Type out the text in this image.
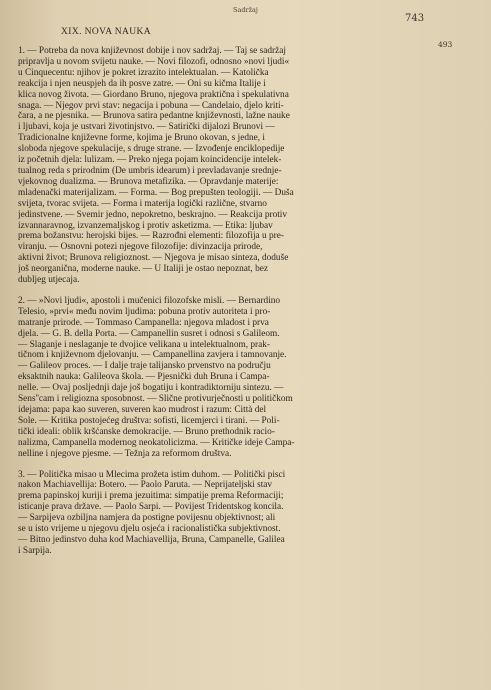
Sadržaj
743
XIX. NOVA NAUKA
493
1. — Potreba da nova književnost dobije i nov sadržaj. — Taj se sadržaj
pripravlja u novom svijetu nauke. — Novi filozofi, odnosno »novi ljudi«
u Cinquecentu: njihov je pokret izrazito intelektualan. — Katolička
reakcija i njen neuspjeh da ih posve zatre. — Oni su kičma Italije i
klica novog života. — Giordano Bruno, njegova praktična i spekulativna
snaga. — Njegov prvi stav: negacija i pobuna — Candelaio, djelo kriti-
čara, a ne pjesnika. — Brunova satira pedantne književnosti, lažne nauke
i ljubavi, koja je ustvari životinjstvo. — Satirički dijalozi Brunovi —
Tradicionalne književne forme, kojima je Bruno okovan, s jedne, i
sloboda njegove spekulacije, s druge strane. — Izvođenje enciklopedije
iz početnih djela: lulizam. — Preko njega pojam koincidencije intelek-
tualnog reda s prirodnim (De umbris idearum) i prevladavanje srednje-
vjekovnog dualizma. — Brunova metafizika. — Opravdanje materije:
mladenački materijalizam. — Forma. — Bog prepušten teologiji. — Duša
svijeta, tvorac svijeta. — Forma i materija logički različne, stvarno
jedinstvene. — Svemir jedno, nepokretno, beskrajno. — Reakcija protiv
izvannaravnog, izvanzemaljskog i protiv asketizma. — Etika: ljubav
prema božanstvu: herojski bijes. — Razrođni elementi: filozofija u pre-
viranju. — Osnovni potezi njegove filozofije: divinzacija prirode,
aktivni život; Brunova religioznost. — Njegova je misao sinteza, doduše
još neorganična, moderne nauke. — U Italiji je ostao nepoznat, bez
dubljeg utjecaja.
2. — »Novi ljudi«, apostoli i mučenici filozofske misli. — Bernardino
Telesio, »prvi« među novim ljudima: pobuna protiv autoriteta i pro-
matranje prirode. — Tommaso Campanella: njegova mladost i prva
djela. — G. B. della Porta. — Campanellin susret i odnosi s Galileom.
— Slaganje i neslaganje te dvojice velikana u intelektualnom, prak-
tičnom i književnom djelovanju. — Campanellina zavjera i tamnovanje.
— Galileov proces. — I dalje traje talijansko prvenstvo na području
eksaktnih nauka: Galileova škola. — Pjesnički duh Bruna i Campa-
nelle. — Ovaj posljednji daje još bogatiju i kontradiktorniju sintezu. —
Sens''cam i religiozna sposobnost. — Slične protivurječnosti u političkom
idejama: papa kao suveren, suveren kao mudrost i razum: Città del
Sole. — Kritika postojećeg društva: sofisti, licemjerci i tirani. — Poli-
tički ideali: oblik kršćanske demokracije. — Bruno prethodnik racio-
nalizma, Campanella modernog neokatolicizma. — Kritičke ideje Campa-
nelline i njegove pjesme. — Težnja za reformom društva.
3. — Politička misao u Mlecima prožeta istim duhom. — Politički pisci
nakon Machiavellija: Botero. — Paolo Paruta. — Neprijateljski stav
prema papinskoj kuriji i prema jezuitima: simpatije prema Reformaciji;
isticanje prava države. — Paolo Sarpi. — Povijest Tridentskog koncila.
— Sarpijeva ozbiljna namjera da postigne povijesnu objektivnost; ali
se u isto vrijeme u njegovu djelu osjeća i racionalistička subjektivnost.
— Bitno jedinstvo duha kod Machiavellija, Bruna, Campanelle, Galilea
i Sarpija.
